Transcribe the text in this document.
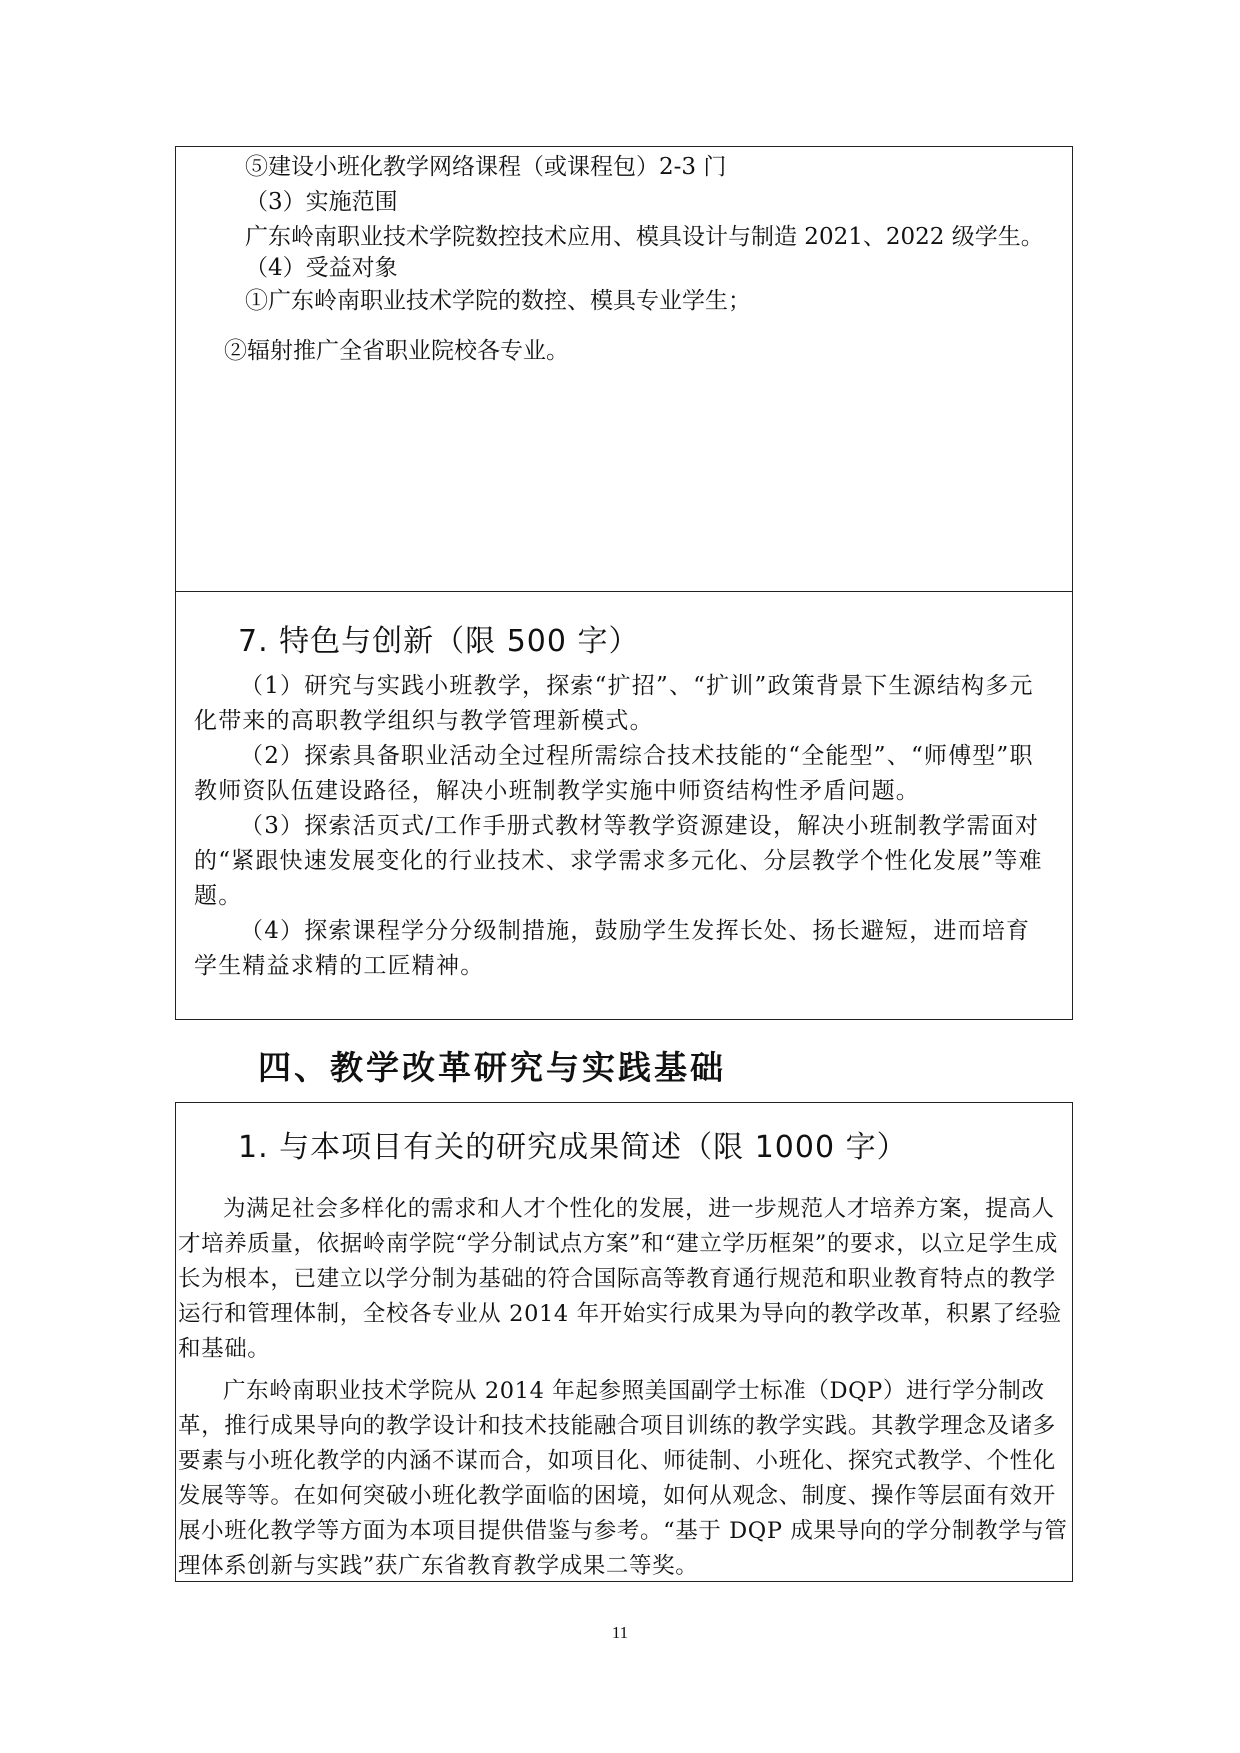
⑤建设小班化教学网络课程（或课程包）2-3 门
（3）实施范围
广东岭南职业技术学院数控技术应用、模具设计与制造 2021、2022 级学生。
（4）受益对象
①广东岭南职业技术学院的数控、模具专业学生；
②辐射推广全省职业院校各专业。
7. 特色与创新（限 500 字）
（1）研究与实践小班教学，探索“扩招”、“扩训”政策背景下生源结构多元化带来的高职教学组织与教学管理新模式。
（2）探索具备职业活动全过程所需综合技术技能的“全能型”、“师傅型”职教师资队伍建设路径，解决小班制教学实施中师资结构性矛盾问题。
（3）探索活页式/工作手册式教材等教学资源建设，解决小班制教学需面对的“紧跟快速发展变化的行业技术、求学需求多元化、分层教学个性化发展”等难题。
（4）探索课程学分分级制措施，鼓励学生发挥长处、扬长避短，进而培育学生精益求精的工匠精神。
四、教学改革研究与实践基础
1. 与本项目有关的研究成果简述（限 1000 字）
为满足社会多样化的需求和人才个性化的发展，进一步规范人才培养方案，提高人才培养质量，依据岭南学院“学分制试点方案”和“建立学历框架”的要求，以立足学生成长为根本，已建立以学分制为基础的符合国际高等教育通行规范和职业教育特点的教学运行和管理体制，全校各专业从 2014 年开始实行成果为导向的教学改革，积累了经验和基础。
广东岭南职业技术学院从 2014 年起参照美国副学士标准（DQP）进行学分制改革，推行成果导向的教学设计和技术技能融合项目训练的教学实践。其教学理念及诸多要素与小班化教学的内涵不谋而合，如项目化、师徒制、小班化、探究式教学、个性化发展等等。在如何突破小班化教学面临的困境，如何从观念、制度、操作等层面有效开展小班化教学等方面为本项目提供借鉴与参考。“基于 DQP 成果导向的学分制教学与管理体系创新与实践”获广东省教育教学成果二等奖。
11
